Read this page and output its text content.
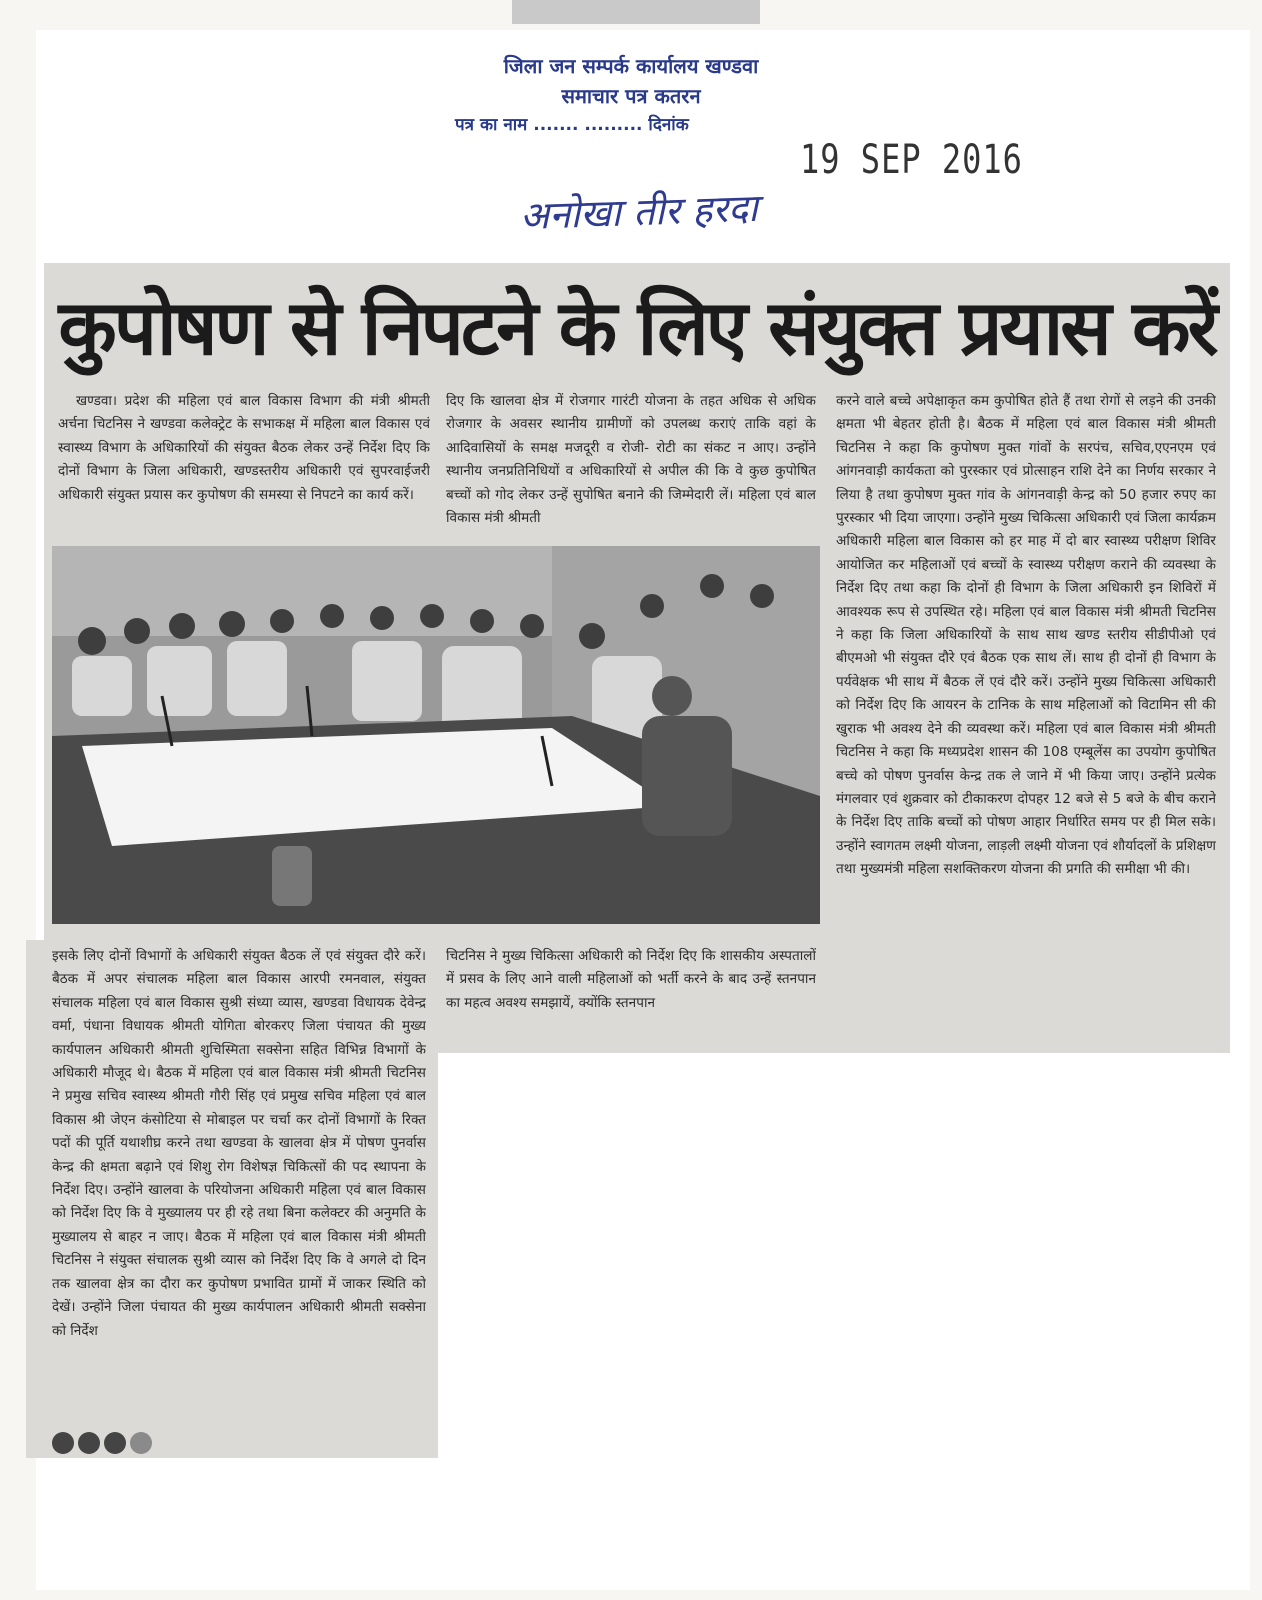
जिला जन सम्पर्क कार्यालय खण्डवा
समाचार पत्र कतरन
पत्र का नाम ....... ......... दिनांक
19 SEP 2016
अनोखा तीर हरदा
कुपोषण से निपटने के लिए संयुक्त प्रयास करें
खण्डवा। प्रदेश की महिला एवं बाल विकास विभाग की मंत्री श्रीमती अर्चना चिटनिस ने खण्डवा कलेक्ट्रेट के सभाकक्ष में महिला बाल विकास एवं स्वास्थ्य विभाग के अधिकारियों की संयुक्त बैठक लेकर उन्हें निर्देश दिए कि दोनों विभाग के जिला अधिकारी, खण्डस्तरीय अधिकारी एवं सुपरवाईजरी अधिकारी संयुक्त प्रयास कर कुपोषण की समस्या से निपटने का कार्य करें।
दिए कि खालवा क्षेत्र में रोजगार गारंटी योजना के तहत अधिक से अधिक रोजगार के अवसर स्थानीय ग्रामीणों को उपलब्ध कराएं ताकि वहां के आदिवासियों के समक्ष मजदूरी व रोजी- रोटी का संकट न आए। उन्होंने स्थानीय जनप्रतिनिधियों व अधिकारियों से अपील की कि वे कुछ कुपोषित बच्चों को गोद लेकर उन्हें सुपोषित बनाने की जिम्मेदारी लें। महिला एवं बाल विकास मंत्री श्रीमती
करने वाले बच्चे अपेक्षाकृत कम कुपोषित होते हैं तथा रोगों से लड़ने की उनकी क्षमता भी बेहतर होती है। बैठक में महिला एवं बाल विकास मंत्री श्रीमती चिटनिस ने कहा कि कुपोषण मुक्त गांवों के सरपंच, सचिव,एएनएम एवं आंगनवाड़ी कार्यकता को पुरस्कार एवं प्रोत्साहन राशि देने का निर्णय सरकार ने लिया है तथा कुपोषण मुक्त गांव के आंगनवाड़ी केन्द्र को 50 हजार रुपए का पुरस्कार भी दिया जाएगा। उन्होंने मुख्य चिकित्सा अधिकारी एवं जिला कार्यक्रम अधिकारी महिला बाल विकास को हर माह में दो बार स्वास्थ्य परीक्षण शिविर आयोजित कर महिलाओं एवं बच्चों के स्वास्थ्य परीक्षण कराने की व्यवस्था के निर्देश दिए तथा कहा कि दोनों ही विभाग के जिला अधिकारी इन शिविरों में आवश्यक रूप से उपस्थित रहे। महिला एवं बाल विकास मंत्री श्रीमती चिटनिस ने कहा कि जिला अधिकारियों के साथ साथ खण्ड स्तरीय सीडीपीओ एवं बीएमओ भी संयुक्त दौरे एवं बैठक एक साथ लें। साथ ही दोनों ही विभाग के पर्यवेक्षक भी साथ में बैठक लें एवं दौरे करें। उन्होंने मुख्य चिकित्सा अधिकारी को निर्देश दिए कि आयरन के टानिक के साथ महिलाओं को विटामिन सी की खुराक भी अवश्य देने की व्यवस्था करें। महिला एवं बाल विकास मंत्री श्रीमती चिटनिस ने कहा कि मध्यप्रदेश शासन की 108 एम्बूलेंस का उपयोग कुपोषित बच्चे को पोषण पुनर्वास केन्द्र तक ले जाने में भी किया जाए। उन्होंने प्रत्येक मंगलवार एवं शुक्रवार को टीकाकरण दोपहर 12 बजे से 5 बजे के बीच कराने के निर्देश दिए ताकि बच्चों को पोषण आहार निर्धारित समय पर ही मिल सके। उन्होंने स्वागतम लक्ष्मी योजना, लाड़ली लक्ष्मी योजना एवं शौर्यादलों के प्रशिक्षण तथा मुख्यमंत्री महिला सशक्तिकरण योजना की प्रगति की समीक्षा भी की।
इसके लिए दोनों विभागों के अधिकारी संयुक्त बैठक लें एवं संयुक्त दौरे करें। बैठक में अपर संचालक महिला बाल विकास आरपी रमनवाल, संयुक्त संचालक महिला एवं बाल विकास सुश्री संध्या व्यास, खण्डवा विधायक देवेन्द्र वर्मा, पंधाना विधायक श्रीमती योगिता बोरकर‍ए जिला पंचायत की मुख्य कार्यपालन अधिकारी श्रीमती शुचिस्मिता सक्सेना सहित विभिन्न विभागों के अधिकारी मौजूद थे। बैठक में महिला एवं बाल विकास मंत्री श्रीमती चिटनिस ने प्रमुख सचिव स्वास्थ्य श्रीमती गौरी सिंह एवं प्रमुख सचिव महिला एवं बाल विकास श्री जेएन कंसोटिया से मोबाइल पर चर्चा कर दोनों विभागों के रिक्त पदों की पूर्ति यथाशीघ्र करने तथा खण्डवा के खालवा क्षेत्र में पोषण पुनर्वास केन्द्र की क्षमता बढ़ाने एवं शिशु रोग विशेषज्ञ चिकित्सों की पद स्थापना के निर्देश दिए। उन्होंने खालवा के परियोजना अधिकारी महिला एवं बाल विकास को निर्देश दिए कि वे मुख्यालय पर ही रहे तथा बिना कलेक्टर की अनुमति के मुख्यालय से बाहर न जाए। बैठक में महिला एवं बाल विकास मंत्री श्रीमती चिटनिस ने संयुक्त संचालक सुश्री व्यास को निर्देश दिए कि वे अगले दो दिन तक खालवा क्षेत्र का दौरा कर कुपोषण प्रभावित ग्रामों में जाकर स्थिति को देखें। उन्होंने जिला पंचायत की मुख्य कार्यपालन अधिकारी श्रीमती सक्सेना को निर्देश
चिटनिस ने मुख्य चिकित्सा अधिकारी को निर्देश दिए कि शासकीय अस्पतालों में प्रसव के लिए आने वाली महिलाओं को भर्ती करने के बाद उन्हें स्तनपान का महत्व अवश्य समझायें, क्योंकि स्तनपान
